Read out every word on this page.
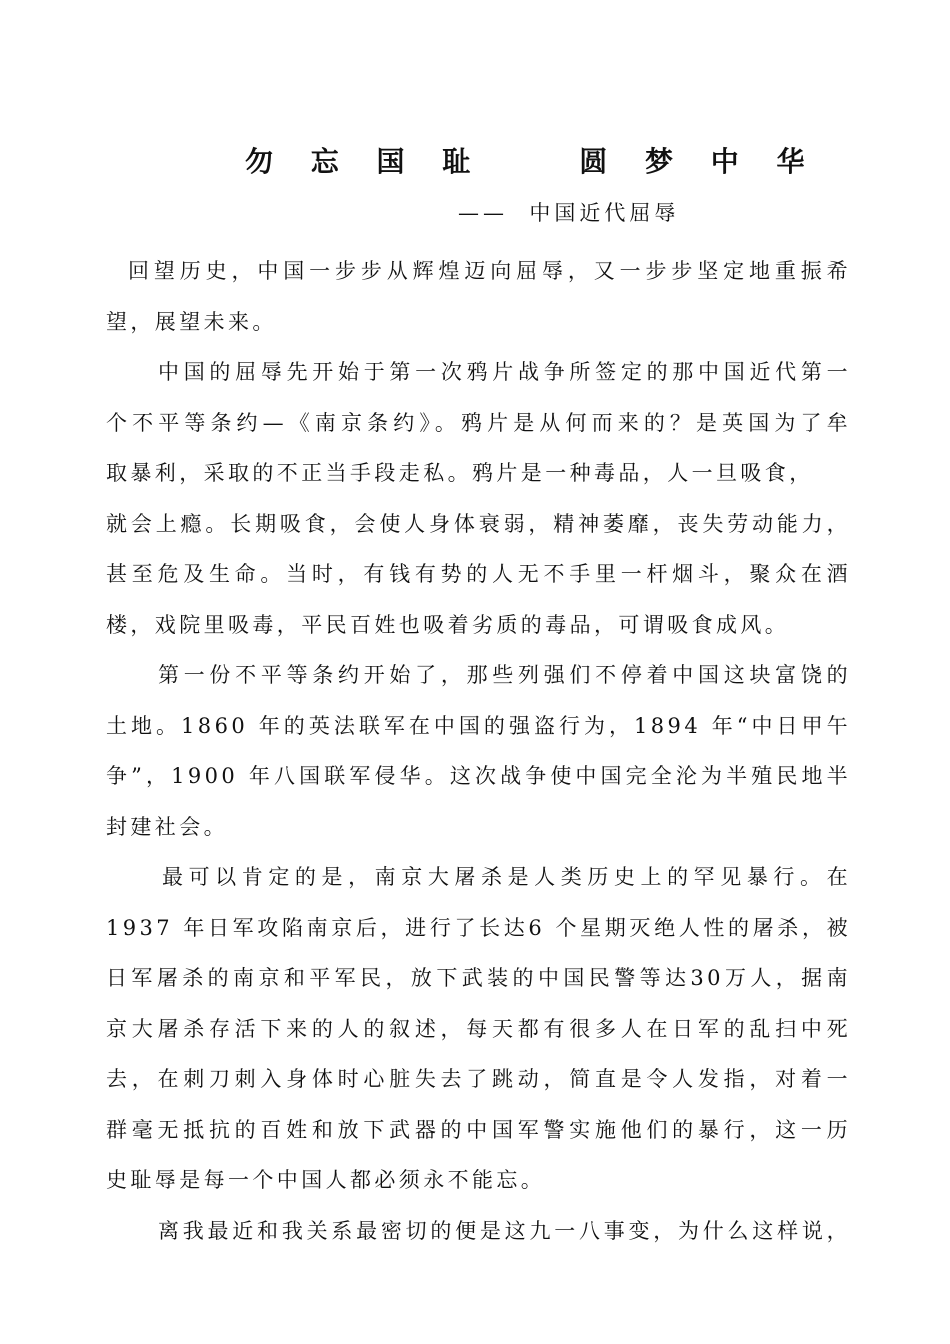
勿 忘 国 耻    圆 梦 中 华
——  中国近代屈辱
回望历史，中国一步步从辉煌迈向屈辱，又一步步坚定地重振希
望，展望未来。
中国的屈辱先开始于第一次鸦片战争所签定的那中国近代第一
个不平等条约—《南京条约》。鸦片是从何而来的？是英国为了牟
取暴利，采取的不正当手段走私。鸦片是一种毒品，人一旦吸食，
就会上瘾。长期吸食，会使人身体衰弱，精神萎靡，丧失劳动能力，
甚至危及生命。当时，有钱有势的人无不手里一杆烟斗，聚众在酒
楼，戏院里吸毒，平民百姓也吸着劣质的毒品，可谓吸食成风。
第一份不平等条约开始了，那些列强们不停着中国这块富饶的
土地。1860 年的英法联军在中国的强盗行为，1894 年“中日甲午
争”，1900 年八国联军侵华。这次战争使中国完全沦为半殖民地半
封建社会。
最可以肯定的是，南京大屠杀是人类历史上的罕见暴行。在
1937 年日军攻陷南京后，进行了长达6 个星期灭绝人性的屠杀，被
日军屠杀的南京和平军民，放下武装的中国民警等达30万人，据南
京大屠杀存活下来的人的叙述，每天都有很多人在日军的乱扫中死
去，在刺刀刺入身体时心脏失去了跳动，简直是令人发指，对着一
群毫无抵抗的百姓和放下武器的中国军警实施他们的暴行，这一历
史耻辱是每一个中国人都必须永不能忘。
离我最近和我关系最密切的便是这九一八事变，为什么这样说，
